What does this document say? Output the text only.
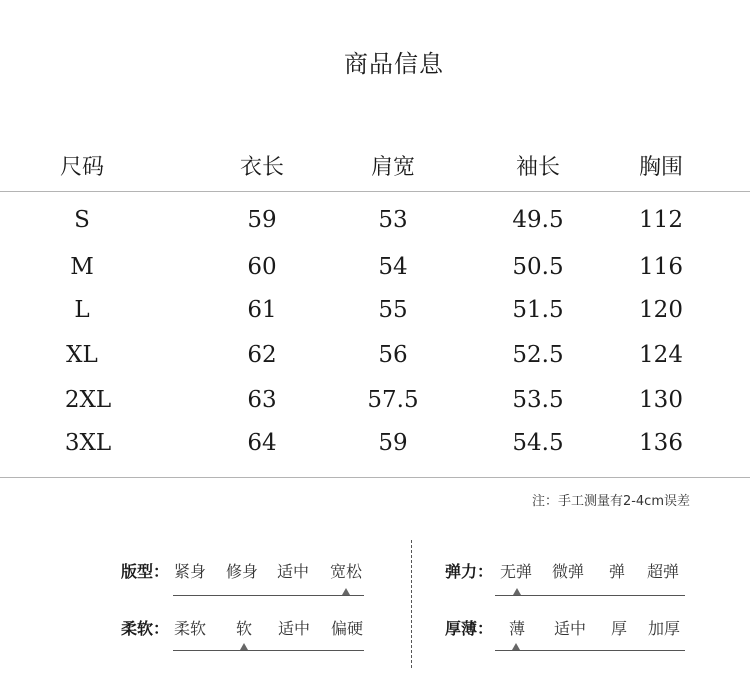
商品信息
尺码	衣长	肩宽	袖长	胸围
S	59	53	49.5	112
M	60	54	50.5	116
L	61	55	51.5	120
XL	62	56	52.5	124
2XL	63	57.5	53.5	130
3XL	64	59	54.5	136
注：手工测量有2-4cm误差
版型： 紧身 修身 适中 宽松
柔软： 柔软 软 适中 偏硬
弹力： 无弹 微弹 弹 超弹
厚薄： 薄 适中 厚 加厚
